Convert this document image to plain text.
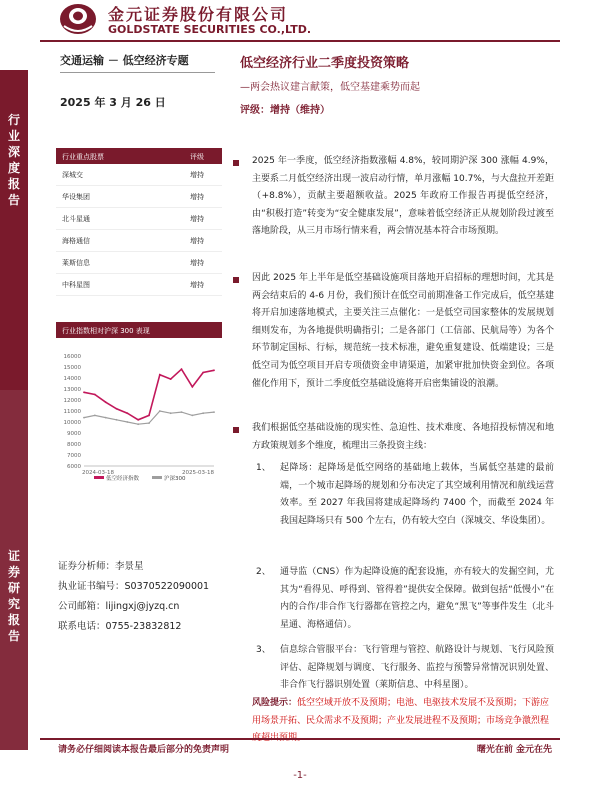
金元证券股份有限公司
GOLDSTATE SECURITIES CO.,LTD.
行业深度报告
证券研究报告
交通运输 － 低空经济专题
2025 年 3 月 26 日
行业重点股票	评级
深城交	增持
华设集团	增持
北斗星通	增持
海格通信	增持
莱斯信息	增持
中科星图	增持
行业指数相对沪深 300 表现
6000
7000
8000
9000
10000
11000
12000
13000
14000
15000
16000
2024-03-18	2025-03-18
低空经济指数	沪深300
证券分析师：李景星
执业证书编号：S0370522090001
公司邮箱：lijingxj@jyzq.cn
联系电话：0755-23832812
低空经济行业二季度投资策略
—两会热议建言献策，低空基建乘势而起
评级：增持（维持）
2025 年一季度，低空经济指数涨幅 4.8%，较同期沪深 300 涨幅 4.9%，主要系二月低空经济出现一波启动行情，单月涨幅 10.7%，与大盘拉开差距（+8.8%），贡献主要超额收益。2025 年政府工作报告再提低空经济，由“积极打造”转变为“安全健康发展”，意味着低空经济正从规划阶段过渡至落地阶段，从三月市场行情来看，两会情况基本符合市场预期。
因此 2025 年上半年是低空基础设施项目落地开启招标的理想时间，尤其是两会结束后的 4-6 月份，我们预计在低空司前期准备工作完成后，低空基建将开启加速落地模式，主要关注三点催化：一是低空司国家整体的发展规划细则发布，为各地提供明确指引；二是各部门（工信部、民航局等）为各个环节制定国标、行标，规范统一技术标准，避免重复建设、低端建设；三是低空司为低空项目开启专项债资金申请渠道，加紧审批加快资金到位。各项催化作用下，预计二季度低空基础设施将开启密集铺设的浪潮。
我们根据低空基础设施的现实性、急迫性、技术难度、各地招投标情况和地方政策规划多个维度，梳理出三条投资主线：
1、 起降场：起降场是低空网络的基础地上载体，当属低空基建的最前端，一个城市起降场的规划和分布决定了其空域利用情况和航线运营效率。至 2027 年我国将建成起降场约 7400 个，而截至 2024 年我国起降场只有 500 个左右，仍有较大空白（深城交、华设集团）。
2、 通导监（CNS）作为起降设施的配套设施，亦有较大的发掘空间，尤其为“看得见、呼得到、管得着”提供安全保障。做到包括“低慢小”在内的合作/非合作飞行器都在管控之内，避免“黑飞”等事件发生（北斗星通、海格通信）。
3、 信息综合管服平台：飞行管理与管控、航路设计与规划、飞行风险预评估、起降规划与调度、飞行服务、监控与预警异常情况识别处置、非合作飞行器识别处置（莱斯信息、中科星图）。
风险提示：低空空域开放不及预期；电池、电驱技术发展不及预期；下游应用场景开拓、民众需求不及预期；产业发展进程不及预期；市场竞争激烈程
请务必仔细阅读本报告最后部分的免责声明	曙光在前 金元在先
-1-
